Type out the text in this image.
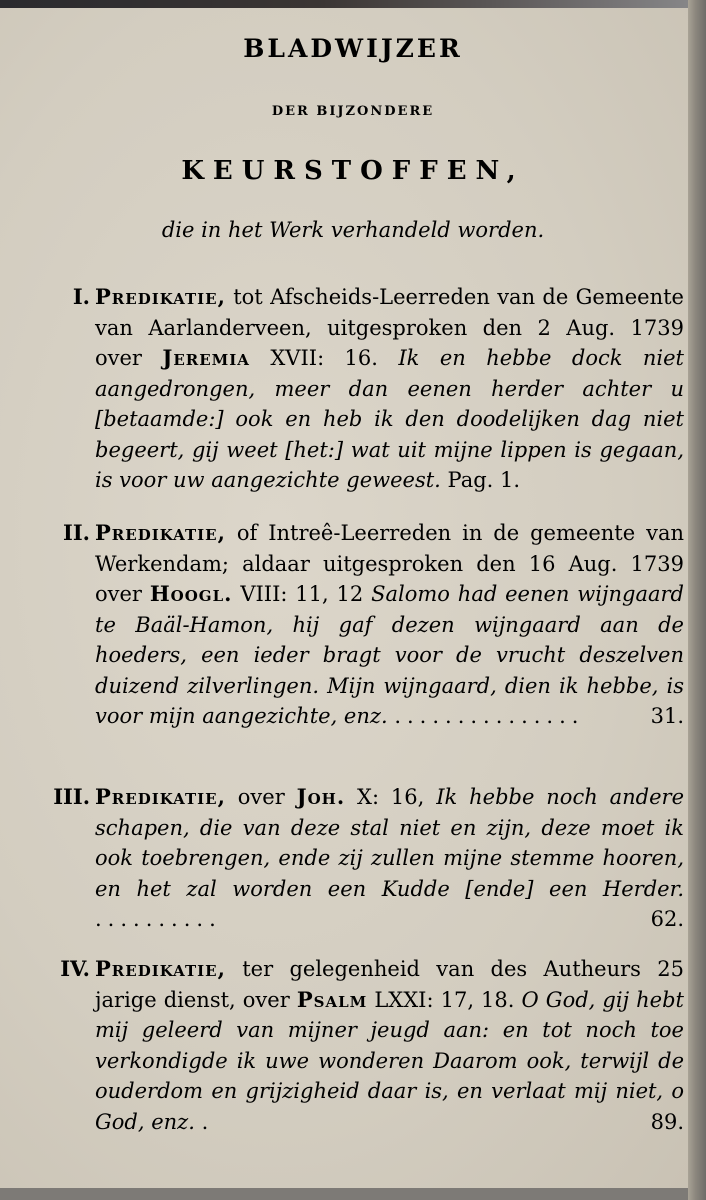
BLADWIJZER
DER BIJZONDERE
KEURSTOFFEN,
die in het Werk verhandeld worden.
I. Predikatie, tot Afscheids-Leerreden van de Gemeente van Aarlanderveen, uitgesproken den 2 Aug. 1739 over Jeremia XVII: 16. Ik en hebbe dock niet aangedrongen, meer dan eenen herder achter u [betaamde:] ook en heb ik den doodelijken dag niet begeert, gij weet [het:] wat uit mijne lippen is gegaan, is voor uw aangezichte geweest. Pag. 1.
II. Predikatie, of Intreê-Leerreden in de gemeente van Werkendam; aldaar uitgesproken den 16 Aug. 1739 over Hoogl. VIII: 11, 12 Salomo had eenen wijngaard te Baäl-Hamon, hij gaf dezen wijngaard aan de hoeders, een ieder bragt voor de vrucht deszelven duizend zilverlingen. Mijn wijngaard, dien ik hebbe, is voor mijn aangezichte, enz. ...............	31.
III. Predikatie, over Joh. X: 16, Ik hebbe noch andere schapen, die van deze stal niet en zijn, deze moet ik ook toebrengen, ende zij zullen mijne stemme hooren, en het zal worden een Kudde [ende] een Herder. ..........	62.
IV. Predikatie, ter gelegenheid van des Autheurs 25 jarige dienst, over Psalm LXXI: 17, 18. O God, gij hebt mij geleerd van mijner jeugd aan: en tot noch toe verkondigde ik uwe wonderen Daarom ook, terwijl de ouderdom en grijzigheid daar is, en verlaat mij niet, o God, enz. .	89.
